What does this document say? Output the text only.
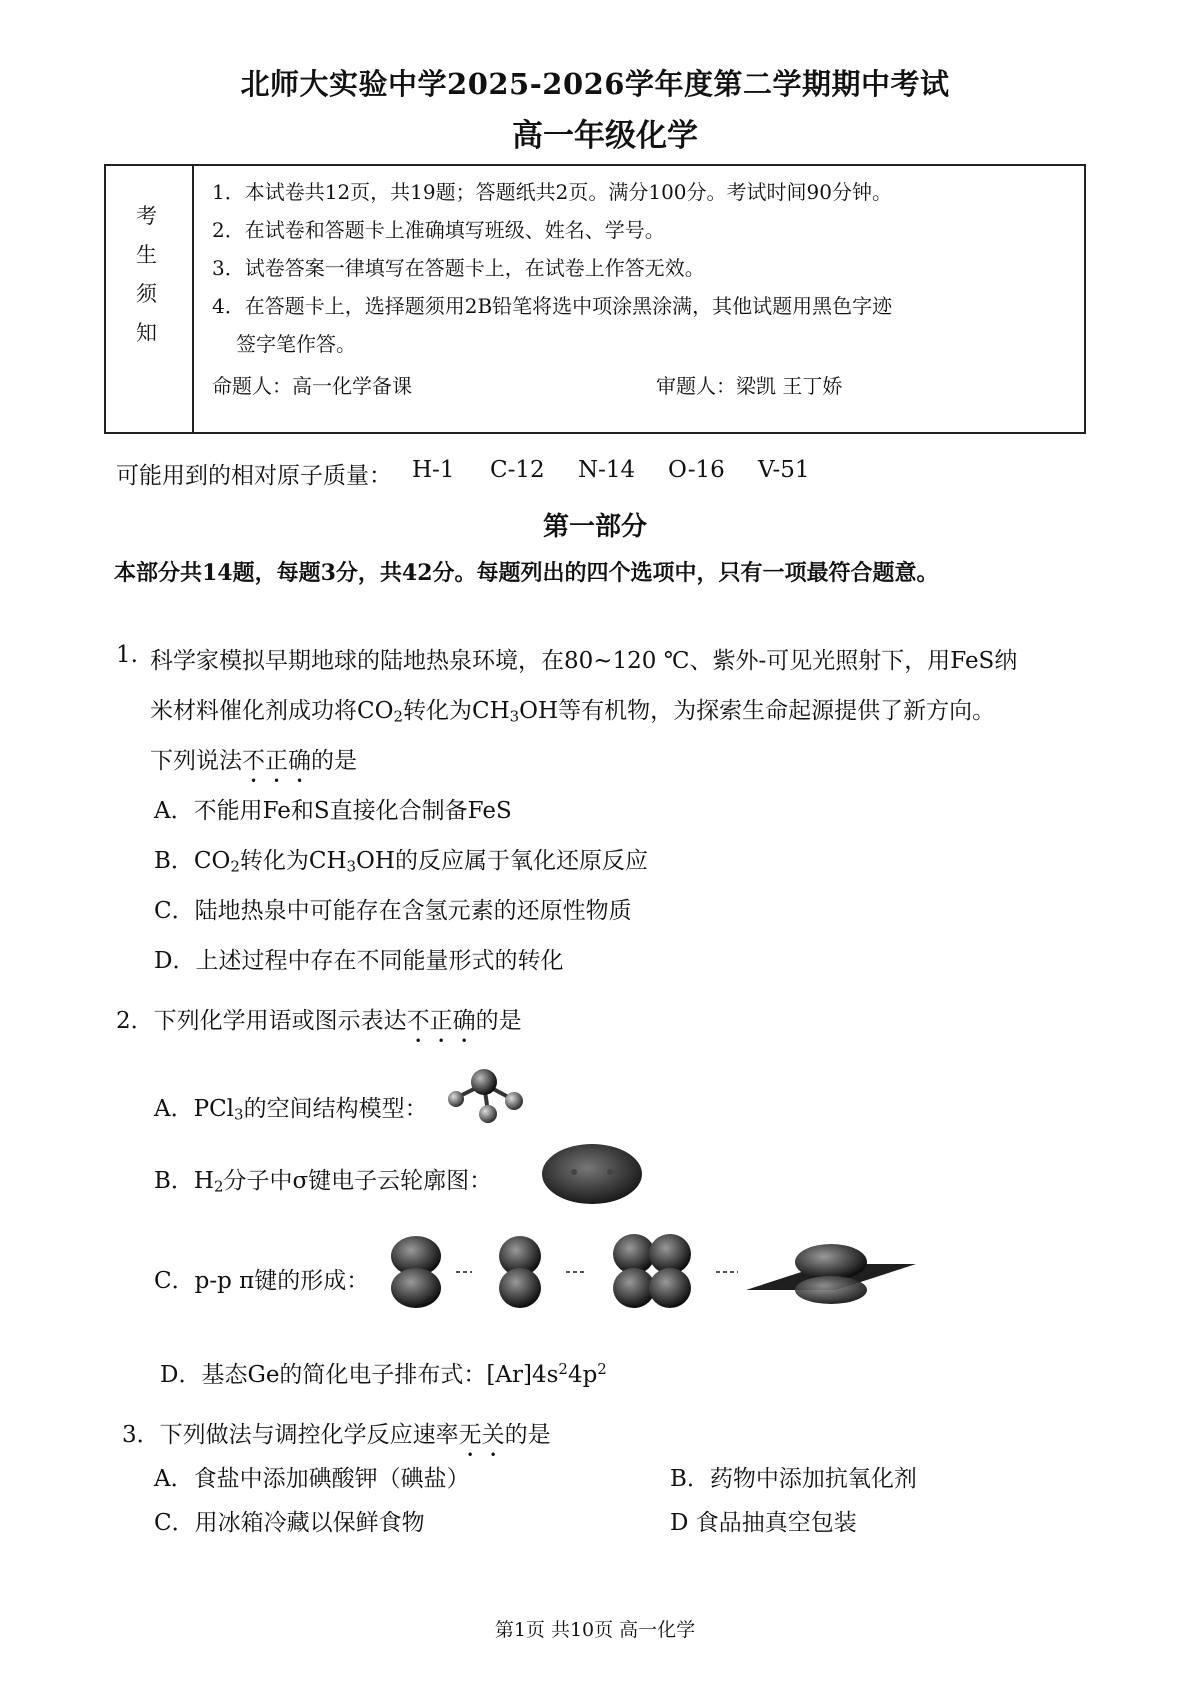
北师大实验中学2025-2026学年度第二学期期中考试
高一年级化学
考
生
须
知
1．本试卷共12页，共19题；答题纸共2页。满分100分。考试时间90分钟。
2．在试卷和答题卡上准确填写班级、姓名、学号。
3．试卷答案一律填写在答题卡上，在试卷上作答无效。
4．在答题卡上，选择题须用2B铅笔将选中项涂黑涂满，其他试题用黑色字迹
签字笔作答。
命题人：高一化学备课	审题人：梁凯 王丁娇
可能用到的相对原子质量： H-1 C-12 N-14 O-16 V-51
第一部分
本部分共14题，每题3分，共42分。每题列出的四个选项中，只有一项最符合题意。
1. 科学家模拟早期地球的陆地热泉环境，在80~120 ℃、紫外-可见光照射下，用FeS纳
米材料催化剂成功将$CO_2$转化为$CH_3OH$等有机物，为探索生命起源提供了新方向。
下列说法不正确的是
A．不能用Fe和S直接化合制备FeS
B．$CO_2$转化为$CH_3OH$的反应属于氧化还原反应
C．陆地热泉中可能存在含氢元素的还原性物质
D．上述过程中存在不同能量形式的转化
2．下列化学用语或图示表达不正确的是
A．PCl$_3$的空间结构模型：
B．$H_2$分子中σ键电子云轮廓图：
C．p-p π键的形成：
D．基态Ge的简化电子排布式：$[Ar]4s^24p^2$
3．下列做法与调控化学反应速率无关的是
A．食盐中添加碘酸钾（碘盐）	B．药物中添加抗氧化剂
C．用冰箱冷藏以保鲜食物	D 食品抽真空包装
第1页 共10页 高一化学
